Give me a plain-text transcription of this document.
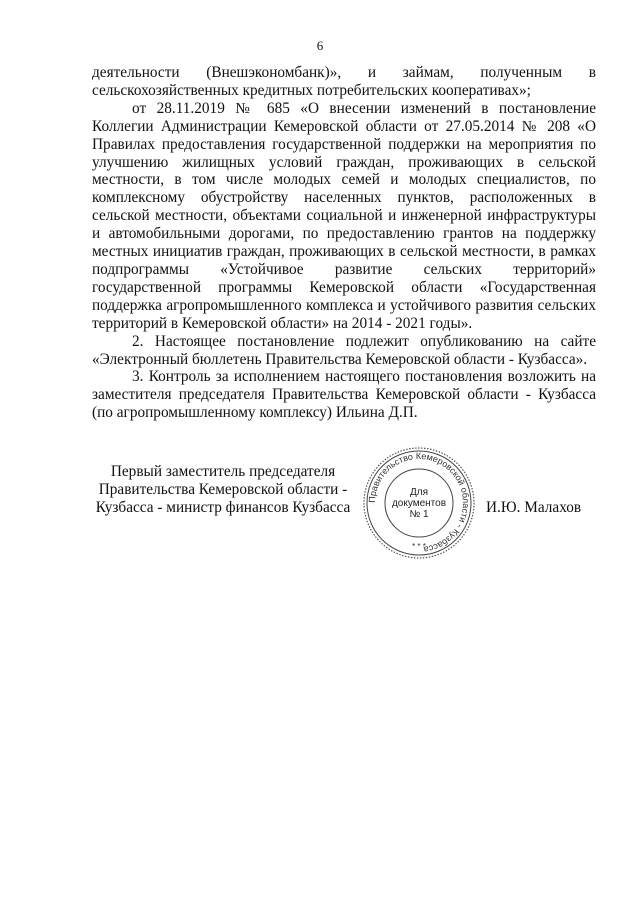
6

деятельности (Внешэкономбанк)», и займам, полученным в сельскохозяйственных кредитных потребительских кооперативах»;

от 28.11.2019 № 685 «О внесении изменений в постановление Коллегии Администрации Кемеровской области от 27.05.2014 № 208 «О Правилах предоставления государственной поддержки на мероприятия по улучшению жилищных условий граждан, проживающих в сельской местности, в том числе молодых семей и молодых специалистов, по комплексному обустройству населенных пунктов, расположенных в сельской местности, объектами социальной и инженерной инфраструктуры и автомобильными дорогами, по предоставлению грантов на поддержку местных инициатив граждан, проживающих в сельской местности, в рамках подпрограммы «Устойчивое развитие сельских территорий» государственной программы Кемеровской области «Государственная поддержка агропромышленного комплекса и устойчивого развития сельских территорий в Кемеровской области» на 2014 - 2021 годы».

2. Настоящее постановление подлежит опубликованию на сайте «Электронный бюллетень Правительства Кемеровской области - Кузбасса».

3. Контроль за исполнением настоящего постановления возложить на заместителя председателя Правительства Кемеровской области - Кузбасса (по агропромышленному комплексу) Ильина Д.П.

Первый заместитель председателя
Правительства Кемеровской области -
Кузбасса - министр финансов Кузбасса	Правительство Кемеровской области - Кузбасса
* * *
Для
документов
№ 1	И.Ю. Малахов
